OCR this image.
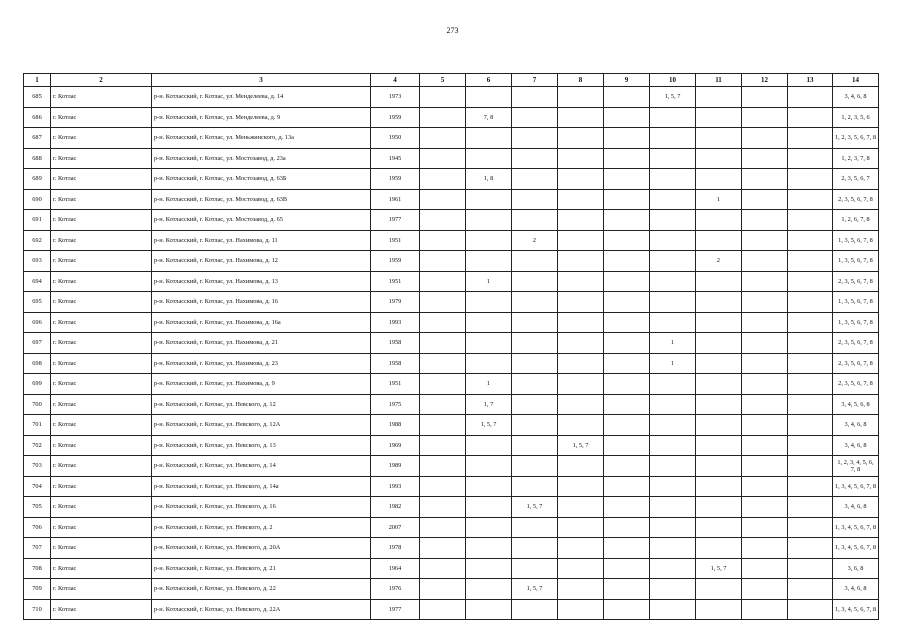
273
1	2	3	4	5	6	7	8	9	10	11	12	13	14
685	г. Котлас	р-н. Котласский, г. Котлас, ул. Менделеева, д. 14	1973						1, 5, 7				3, 4, 6, 8
686	г. Котлас	р-н. Котласский, г. Котлас, ул. Менделеева, д. 9	1959		7, 8								1, 2, 3, 5, 6
687	г. Котлас	р-н. Котласский, г. Котлас, ул. Меньжинского, д. 13а	1950										1, 2, 3, 5, 6, 7, 8
688	г. Котлас	р-н. Котласский, г. Котлас, ул. Мостозавод, д. 23а	1945										1, 2, 3, 7, 8
689	г. Котлас	р-н. Котласский, г. Котлас, ул. Мостозавод, д. 63Б	1959		1, 8								2, 3, 5, 6, 7
690	г. Котлас	р-н. Котласский, г. Котлас, ул. Мостозавод, д. 63В	1961							1			2, 3, 5, 6, 7, 8
691	г. Котлас	р-н. Котласский, г. Котлас, ул. Мостозавод, д. 65	1977										1, 2, 6, 7, 8
692	г. Котлас	р-н. Котласский, г. Котлас, ул. Нахимова, д. 11	1951			2							1, 3, 5, 6, 7, 8
693	г. Котлас	р-н. Котласский, г. Котлас, ул. Нахимова, д. 12	1959							2			1, 3, 5, 6, 7, 8
694	г. Котлас	р-н. Котласский, г. Котлас, ул. Нахимова, д. 13	1951		1								2, 3, 5, 6, 7, 8
695	г. Котлас	р-н. Котласский, г. Котлас, ул. Нахимова, д. 16	1979										1, 3, 5, 6, 7, 8
696	г. Котлас	р-н. Котласский, г. Котлас, ул. Нахимова, д. 16а	1993										1, 3, 5, 6, 7, 8
697	г. Котлас	р-н. Котласский, г. Котлас, ул. Нахимова, д. 21	1958						1				2, 3, 5, 6, 7, 8
698	г. Котлас	р-н. Котласский, г. Котлас, ул. Нахимова, д. 23	1958						1				2, 3, 5, 6, 7, 8
699	г. Котлас	р-н. Котласский, г. Котлас, ул. Нахимова, д. 9	1951		1								2, 3, 5, 6, 7, 8
700	г. Котлас	р-н. Котласский, г. Котлас, ул. Невского, д. 12	1975		1, 7								3, 4, 5, 6, 8
701	г. Котлас	р-н. Котласский, г. Котлас, ул. Невского, д. 12А	1988		1, 5, 7								3, 4, 6, 8
702	г. Котлас	р-н. Котласский, г. Котлас, ул. Невского, д. 13	1969				1, 5, 7						3, 4, 6, 8
703	г. Котлас	р-н. Котласский, г. Котлас, ул. Невского, д. 14	1989										1, 2, 3, 4, 5, 6, 7, 8
704	г. Котлас	р-н. Котласский, г. Котлас, ул. Невского, д. 14а	1993										1, 3, 4, 5, 6, 7, 8
705	г. Котлас	р-н. Котласский, г. Котлас, ул. Невского, д. 16	1982			1, 5, 7							3, 4, 6, 8
706	г. Котлас	р-н. Котласский, г. Котлас, ул. Невского, д. 2	2007										1, 3, 4, 5, 6, 7, 8
707	г. Котлас	р-н. Котласский, г. Котлас, ул. Невского, д. 20А	1978										1, 3, 4, 5, 6, 7, 8
708	г. Котлас	р-н. Котласский, г. Котлас, ул. Невского, д. 21	1964							1, 5, 7			3, 6, 8
709	г. Котлас	р-н. Котласский, г. Котлас, ул. Невского, д. 22	1976			1, 5, 7							3, 4, 6, 8
710	г. Котлас	р-н. Котласский, г. Котлас, ул. Невского, д. 22А	1977										1, 3, 4, 5, 6, 7, 8
